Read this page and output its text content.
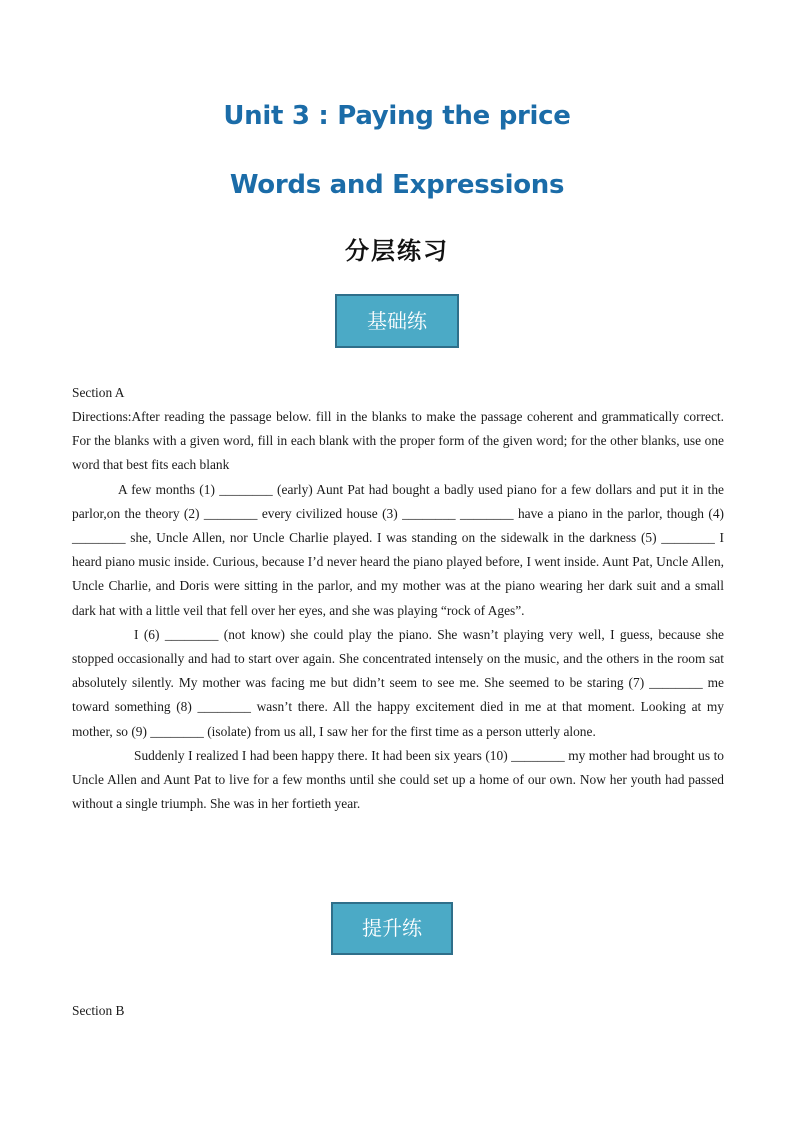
Unit 3 : Paying the price
Words and Expressions
分层练习
基础练
Section A

Directions:After reading the passage below. fill in the blanks to make the passage coherent and grammatically correct. For the blanks with a given word, fill in each blank with the proper form of the given word; for the other blanks, use one word that best fits each blank

A few months (1) ________ (early) Aunt Pat had bought a badly used piano for a few dollars and put it in the parlor,on the theory (2) ________ every civilized house (3) ________ ________ have a piano in the parlor, though (4) ________ she, Uncle Allen, nor Uncle Charlie played. I was standing on the sidewalk in the darkness (5) ________ I heard piano music inside. Curious, because I’d never heard the piano played before, I went inside. Aunt Pat, Uncle Allen, Uncle Charlie, and Doris were sitting in the parlor, and my mother was at the piano wearing her dark suit and a small dark hat with a little veil that fell over her eyes, and she was playing “rock of Ages”.

I (6) ________ (not know) she could play the piano. She wasn’t playing very well, I guess, because she stopped occasionally and had to start over again. She concentrated intensely on the music, and the others in the room sat absolutely silently. My mother was facing me but didn’t seem to see me. She seemed to be staring (7) ________ me toward something (8) ________ wasn’t there. All the happy excitement died in me at that moment. Looking at my mother, so (9) ________ (isolate) from us all, I saw her for the first time as a person utterly alone.

Suddenly I realized I had been happy there. It had been six years (10) ________ my mother had brought us to Uncle Allen and Aunt Pat to live for a few months until she could set up a home of our own. Now her youth had passed without a single triumph. She was in her fortieth year.

提升练
Section B
